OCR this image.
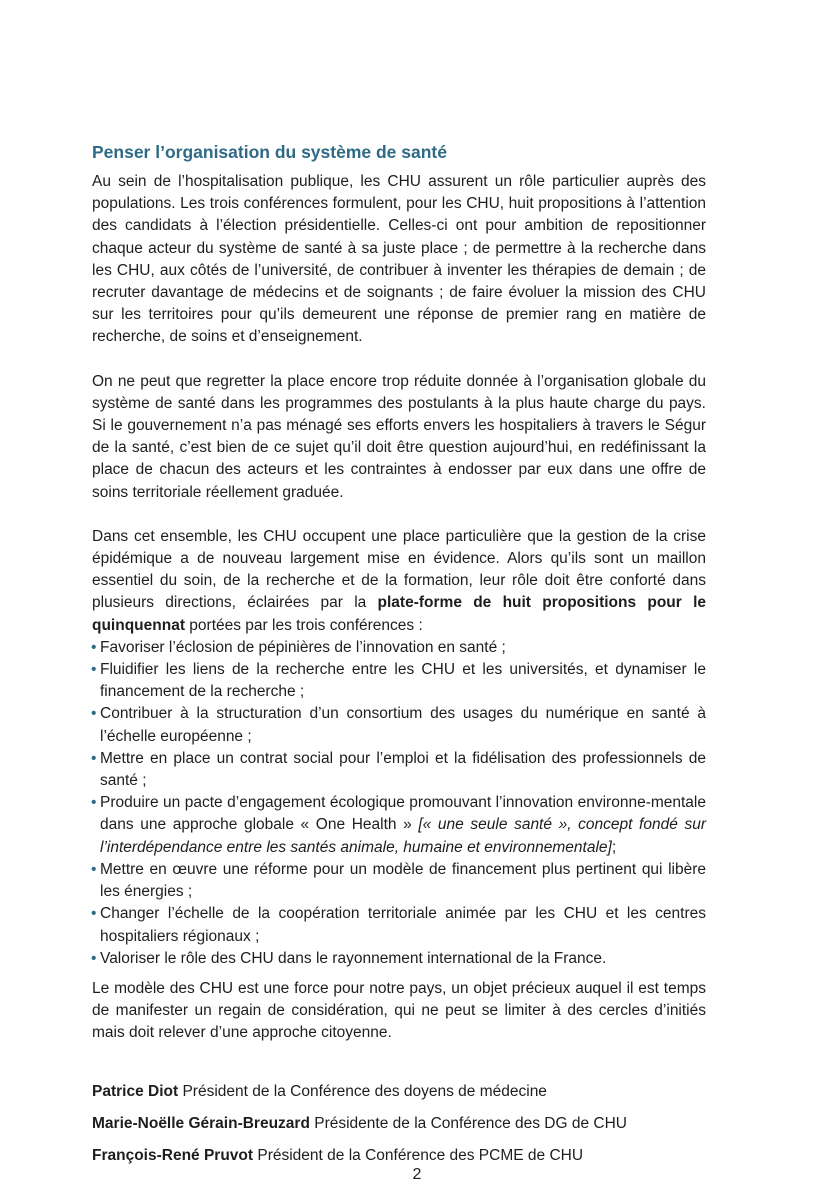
Penser l’organisation du système de santé

Au sein de l’hospitalisation publique, les CHU assurent un rôle particulier auprès des populations. Les trois conférences formulent, pour les CHU, huit propositions à l’attention des candidats à l’élection présidentielle. Celles-ci ont pour ambition de repositionner chaque acteur du système de santé à sa juste place ; de permettre à la recherche dans les CHU, aux côtés de l’université, de contribuer à inventer les thérapies de demain ; de recruter davantage de médecins et de soignants ; de faire évoluer la mission des CHU sur les territoires pour qu’ils demeurent une réponse de premier rang en matière de recherche, de soins et d’enseignement.

On ne peut que regretter la place encore trop réduite donnée à l’organisation globale du système de santé dans les programmes des postulants à la plus haute charge du pays. Si le gouvernement n’a pas ménagé ses efforts envers les hospitaliers à travers le Ségur de la santé, c’est bien de ce sujet qu’il doit être question aujourd’hui, en redéfinissant la place de chacun des acteurs et les contraintes à endosser par eux dans une offre de soins territoriale réellement graduée.

Dans cet ensemble, les CHU occupent une place particulière que la gestion de la crise épidémique a de nouveau largement mise en évidence. Alors qu’ils sont un maillon essentiel du soin, de la recherche et de la formation, leur rôle doit être conforté dans plusieurs directions, éclairées par la plate-forme de huit propositions pour le quinquennat portées par les trois conférences :

• Favoriser l’éclosion de pépinières de l’innovation en santé ;
• Fluidifier les liens de la recherche entre les CHU et les universités, et dynamiser le financement de la recherche ;
• Contribuer à la structuration d’un consortium des usages du numérique en santé à l’échelle européenne ;
• Mettre en place un contrat social pour l’emploi et la fidélisation des professionnels de santé ;
• Produire un pacte d’engagement écologique promouvant l’innovation environne-mentale dans une approche globale « One Health » [« une seule santé », concept fondé sur l’interdépendance entre les santés animale, humaine et environnementale];
• Mettre en œuvre une réforme pour un modèle de financement plus pertinent qui libère les énergies ;
• Changer l’échelle de la coopération territoriale animée par les CHU et les centres hospitaliers régionaux ;
• Valoriser le rôle des CHU dans le rayonnement international de la France.

Le modèle des CHU est une force pour notre pays, un objet précieux auquel il est temps de manifester un regain de considération, qui ne peut se limiter à des cercles d’initiés mais doit relever d’une approche citoyenne.

Patrice Diot Président de la Conférence des doyens de médecine
Marie-Noëlle Gérain-Breuzard Présidente de la Conférence des DG de CHU
François-René Pruvot Président de la Conférence des PCME de CHU
2
